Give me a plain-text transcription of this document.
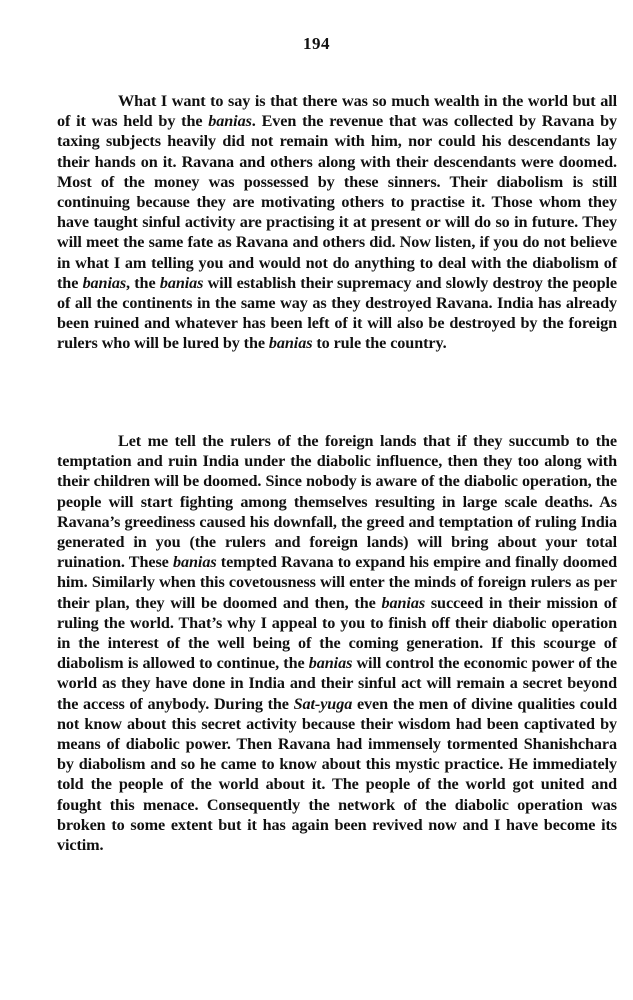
194

What I want to say is that there was so much wealth in the world but all of it was held by the banias. Even the revenue that was collected by Ravana by taxing subjects heavily did not remain with him, nor could his descendants lay their hands on it. Ravana and others along with their descendants were doomed. Most of the money was possessed by these sinners. Their diabolism is still continuing because they are motivating others to practise it. Those whom they have taught sinful activity are practising it at present or will do so in future. They will meet the same fate as Ravana and others did. Now listen, if you do not believe in what I am telling you and would not do anything to deal with the diabolism of the banias, the banias will establish their supremacy and slowly destroy the people of all the continents in the same way as they destroyed Ravana. India has already been ruined and whatever has been left of it will also be destroyed by the foreign rulers who will be lured by the banias to rule the country.

Let me tell the rulers of the foreign lands that if they succumb to the temptation and ruin India under the diabolic influence, then they too along with their children will be doomed. Since nobody is aware of the diabolic operation, the people will start fighting among themselves resulting in large scale deaths. As Ravana’s greediness caused his downfall, the greed and temptation of ruling India generated in you (the rulers and foreign lands) will bring about your total ruination. These banias tempted Ravana to expand his empire and finally doomed him. Similarly when this covetousness will enter the minds of foreign rulers as per their plan, they will be doomed and then, the banias succeed in their mission of ruling the world. That’s why I appeal to you to finish off their diabolic operation in the interest of the well being of the coming generation. If this scourge of diabolism is allowed to continue, the banias will control the economic power of the world as they have done in India and their sinful act will remain a secret beyond the access of anybody. During the Sat-yuga even the men of divine qualities could not know about this secret activity because their wisdom had been captivated by means of diabolic power. Then Ravana had immensely tormented Shanishchara by diabolism and so he came to know about this mystic practice. He immediately told the people of the world about it. The people of the world got united and fought this menace. Consequently the network of the diabolic operation was broken to some extent but it has again been revived now and I have become its victim.
